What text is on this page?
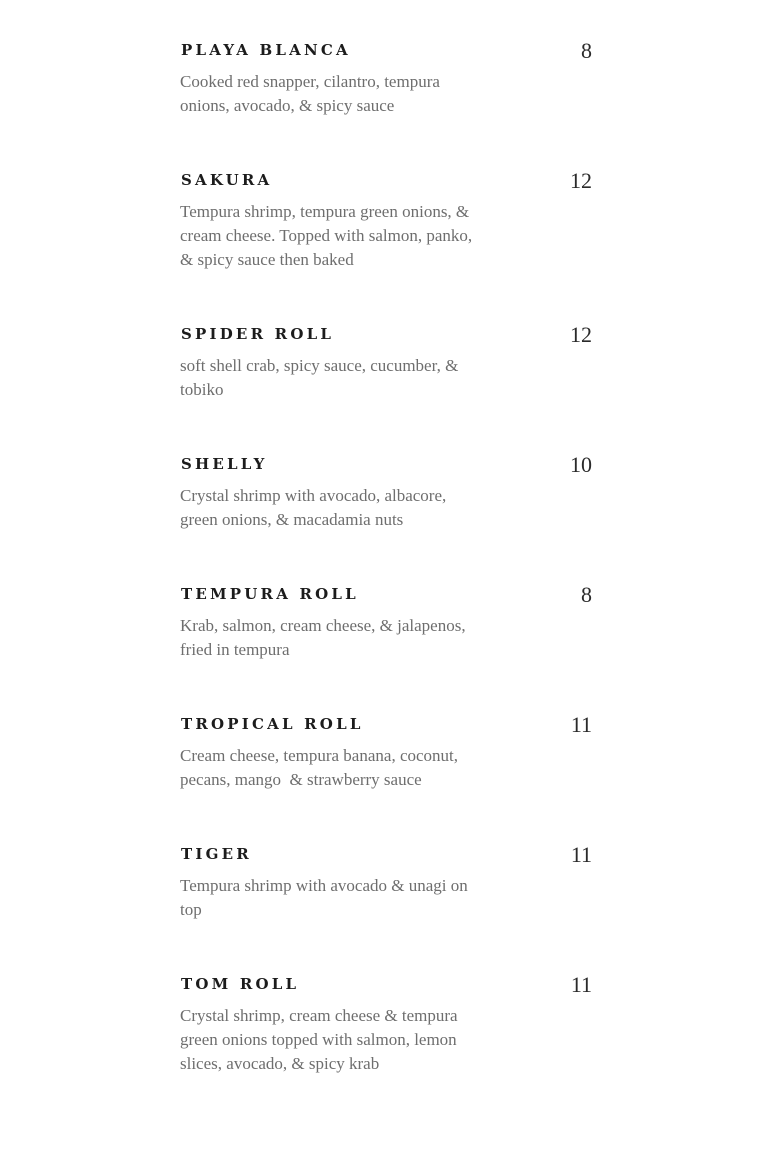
PLAYA BLANCA	8

Cooked red snapper, cilantro, tempura onions, avocado, & spicy sauce

SAKURA	12

Tempura shrimp, tempura green onions, & cream cheese. Topped with salmon, panko, & spicy sauce then baked

SPIDER ROLL	12

soft shell crab, spicy sauce, cucumber, & tobiko

SHELLY	10

Crystal shrimp with avocado, albacore, green onions, & macadamia nuts

TEMPURA ROLL	8

Krab, salmon, cream cheese, & jalapenos, fried in tempura

TROPICAL ROLL	11

Cream cheese, tempura banana, coconut, pecans, mango  & strawberry sauce

TIGER	11

Tempura shrimp with avocado & unagi on top

TOM ROLL	11

Crystal shrimp, cream cheese & tempura green onions topped with salmon, lemon slices, avocado, & spicy krab
